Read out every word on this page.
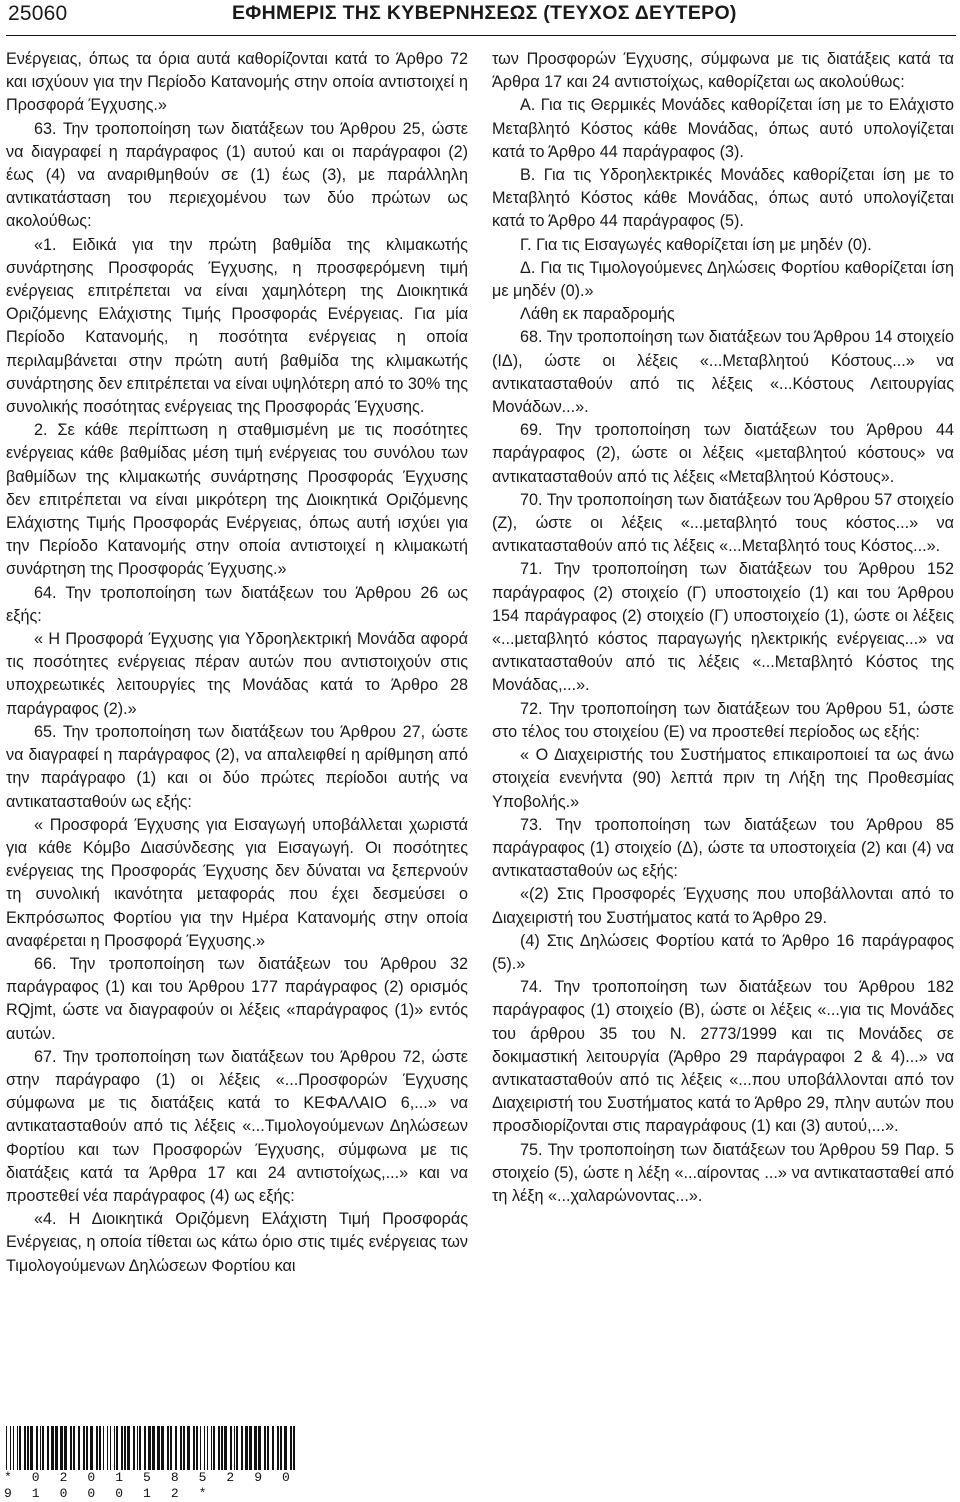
25060	ΕΦΗΜΕΡΙΣ ΤΗΣ ΚΥΒΕΡΝΗΣΕΩΣ (ΤΕΥΧΟΣ ΔΕΥΤΕΡΟ)

Ενέργειας, όπως τα όρια αυτά καθορίζονται κατά το Άρθρο 72 και ισχύουν για την Περίοδο Κατανομής στην οποία αντιστοιχεί η Προσφορά Έγχυσης.»

63. Την τροποποίηση των διατάξεων του Άρθρου 25, ώστε να διαγραφεί η παράγραφος (1) αυτού και οι παράγραφοι (2) έως (4) να αναριθμηθούν σε (1) έως (3), με παράλληλη αντικατάσταση του περιεχομένου των δύο πρώτων ως ακολούθως:

«1. Ειδικά για την πρώτη βαθμίδα της κλιμακωτής συνάρτησης Προσφοράς Έγχυσης, η προσφερόμενη τιμή ενέργειας επιτρέπεται να είναι χαμηλότερη της Διοικητικά Οριζόμενης Ελάχιστης Τιμής Προσφοράς Ενέργειας. Για μία Περίοδο Κατανομής, η ποσότητα ενέργειας η οποία περιλαμβάνεται στην πρώτη αυτή βαθμίδα της κλιμακωτής συνάρτησης δεν επιτρέπεται να είναι υψηλότερη από το 30% της συνολικής ποσότητας ενέργειας της Προσφοράς Έγχυσης.

2. Σε κάθε περίπτωση η σταθμισμένη με τις ποσότητες ενέργειας κάθε βαθμίδας μέση τιμή ενέργειας του συνόλου των βαθμίδων της κλιμακωτής συνάρτησης Προσφοράς Έγχυσης δεν επιτρέπεται να είναι μικρότερη της Διοικητικά Οριζόμενης Ελάχιστης Τιμής Προσφοράς Ενέργειας, όπως αυτή ισχύει για την Περίοδο Κατανομής στην οποία αντιστοιχεί η κλιμακωτή συνάρτηση της Προσφοράς Έγχυσης.»

64. Την τροποποίηση των διατάξεων του Άρθρου 26 ως εξής:

« Η Προσφορά Έγχυσης για Υδροηλεκτρική Μονάδα αφορά τις ποσότητες ενέργειας πέραν αυτών που αντιστοιχούν στις υποχρεωτικές λειτουργίες της Μονάδας κατά το Άρθρο 28 παράγραφος (2).»

65. Την τροποποίηση των διατάξεων του Άρθρου 27, ώστε να διαγραφεί η παράγραφος (2), να απαλειφθεί η αρίθμηση από την παράγραφο (1) και οι δύο πρώτες περίοδοι αυτής να αντικατασταθούν ως εξής:

« Προσφορά Έγχυσης για Εισαγωγή υποβάλλεται χωριστά για κάθε Κόμβο Διασύνδεσης για Εισαγωγή. Οι ποσότητες ενέργειας της Προσφοράς Έγχυσης δεν δύναται να ξεπερνούν τη συνολική ικανότητα μεταφοράς που έχει δεσμεύσει ο Εκπρόσωπος Φορτίου για την Ημέρα Κατανομής στην οποία αναφέρεται η Προσφορά Έγχυσης.»

66. Την τροποποίηση των διατάξεων του Άρθρου 32 παράγραφος (1) και του Άρθρου 177 παράγραφος (2) ορισμός RQjmt, ώστε να διαγραφούν οι λέξεις «παράγραφος (1)» εντός αυτών.

67. Την τροποποίηση των διατάξεων του Άρθρου 72, ώστε στην παράγραφο (1) οι λέξεις «...Προσφορών Έγχυσης σύμφωνα με τις διατάξεις κατά το ΚΕΦΑΛΑΙΟ 6,...» να αντικατασταθούν από τις λέξεις «...Τιμολογούμενων Δηλώσεων Φορτίου και των Προσφορών Έγχυσης, σύμφωνα με τις διατάξεις κατά τα Άρθρα 17 και 24 αντιστοίχως,...» και να προστεθεί νέα παράγραφος (4) ως εξής:

«4. Η Διοικητικά Οριζόμενη Ελάχιστη Τιμή Προσφοράς Ενέργειας, η οποία τίθεται ως κάτω όριο στις τιμές ενέργειας των Τιμολογούμενων Δηλώσεων Φορτίου και

των Προσφορών Έγχυσης, σύμφωνα με τις διατάξεις κατά τα Άρθρα 17 και 24 αντιστοίχως, καθορίζεται ως ακολούθως:

Α. Για τις Θερμικές Μονάδες καθορίζεται ίση με το Ελάχιστο Μεταβλητό Κόστος κάθε Μονάδας, όπως αυτό υπολογίζεται κατά το Άρθρο 44 παράγραφος (3).

Β. Για τις Υδροηλεκτρικές Μονάδες καθορίζεται ίση με το Μεταβλητό Κόστος κάθε Μονάδας, όπως αυτό υπολογίζεται κατά το Άρθρο 44 παράγραφος (5).

Γ. Για τις Εισαγωγές καθορίζεται ίση με μηδέν (0).

Δ. Για τις Τιμολογούμενες Δηλώσεις Φορτίου καθορίζεται ίση με μηδέν (0).»

Λάθη εκ παραδρομής

68. Την τροποποίηση των διατάξεων του Άρθρου 14 στοιχείο (ΙΔ), ώστε οι λέξεις «...Μεταβλητού Κόστους...» να αντικατασταθούν από τις λέξεις «...Κόστους Λειτουργίας Μονάδων...».

69. Την τροποποίηση των διατάξεων του Άρθρου 44 παράγραφος (2), ώστε οι λέξεις «μεταβλητού κόστους» να αντικατασταθούν από τις λέξεις «Μεταβλητού Κόστους».

70. Την τροποποίηση των διατάξεων του Άρθρου 57 στοιχείο (Ζ), ώστε οι λέξεις «...μεταβλητό τους κόστος...» να αντικατασταθούν από τις λέξεις «...Μεταβλητό τους Κόστος...».

71. Την τροποποίηση των διατάξεων του Άρθρου 152 παράγραφος (2) στοιχείο (Γ) υποστοιχείο (1) και του Άρθρου 154 παράγραφος (2) στοιχείο (Γ) υποστοιχείο (1), ώστε οι λέξεις «...μεταβλητό κόστος παραγωγής ηλεκτρικής ενέργειας...» να αντικατασταθούν από τις λέξεις «...Μεταβλητό Κόστος της Μονάδας,...».

72. Την τροποποίηση των διατάξεων του Άρθρου 51, ώστε στο τέλος του στοιχείου (Ε) να προστεθεί περίοδος ως εξής:

« Ο Διαχειριστής του Συστήματος επικαιροποιεί τα ως άνω στοιχεία ενενήντα (90) λεπτά πριν τη Λήξη της Προθεσμίας Υποβολής.»

73. Την τροποποίηση των διατάξεων του Άρθρου 85 παράγραφος (1) στοιχείο (Δ), ώστε τα υποστοιχεία (2) και (4) να αντικατασταθούν ως εξής:

«(2) Στις Προσφορές Έγχυσης που υποβάλλονται από το Διαχειριστή του Συστήματος κατά το Άρθρο 29.

(4) Στις Δηλώσεις Φορτίου κατά το Άρθρο 16 παράγραφος (5).»

74. Την τροποποίηση των διατάξεων του Άρθρου 182 παράγραφος (1) στοιχείο (Β), ώστε οι λέξεις «...για τις Μονάδες του άρθρου 35 του Ν. 2773/1999 και τις Μονάδες σε δοκιμαστική λειτουργία (Άρθρο 29 παράγραφοι 2 & 4)...» να αντικατασταθούν από τις λέξεις «...που υποβάλλονται από τον Διαχειριστή του Συστήματος κατά το Άρθρο 29, πλην αυτών που προσδιορίζονται στις παραγράφους (1) και (3) αυτού,...».

75. Την τροποποίηση των διατάξεων του Άρθρου 59 Παρ. 5 στοιχείο (5), ώστε η λέξη «...αίροντας ...» να αντικατασταθεί από τη λέξη «...χαλαρώνοντας...».

* 0 2 0 1 5 8 5 2 9 0 9 1 0 0 0 1 2 *
